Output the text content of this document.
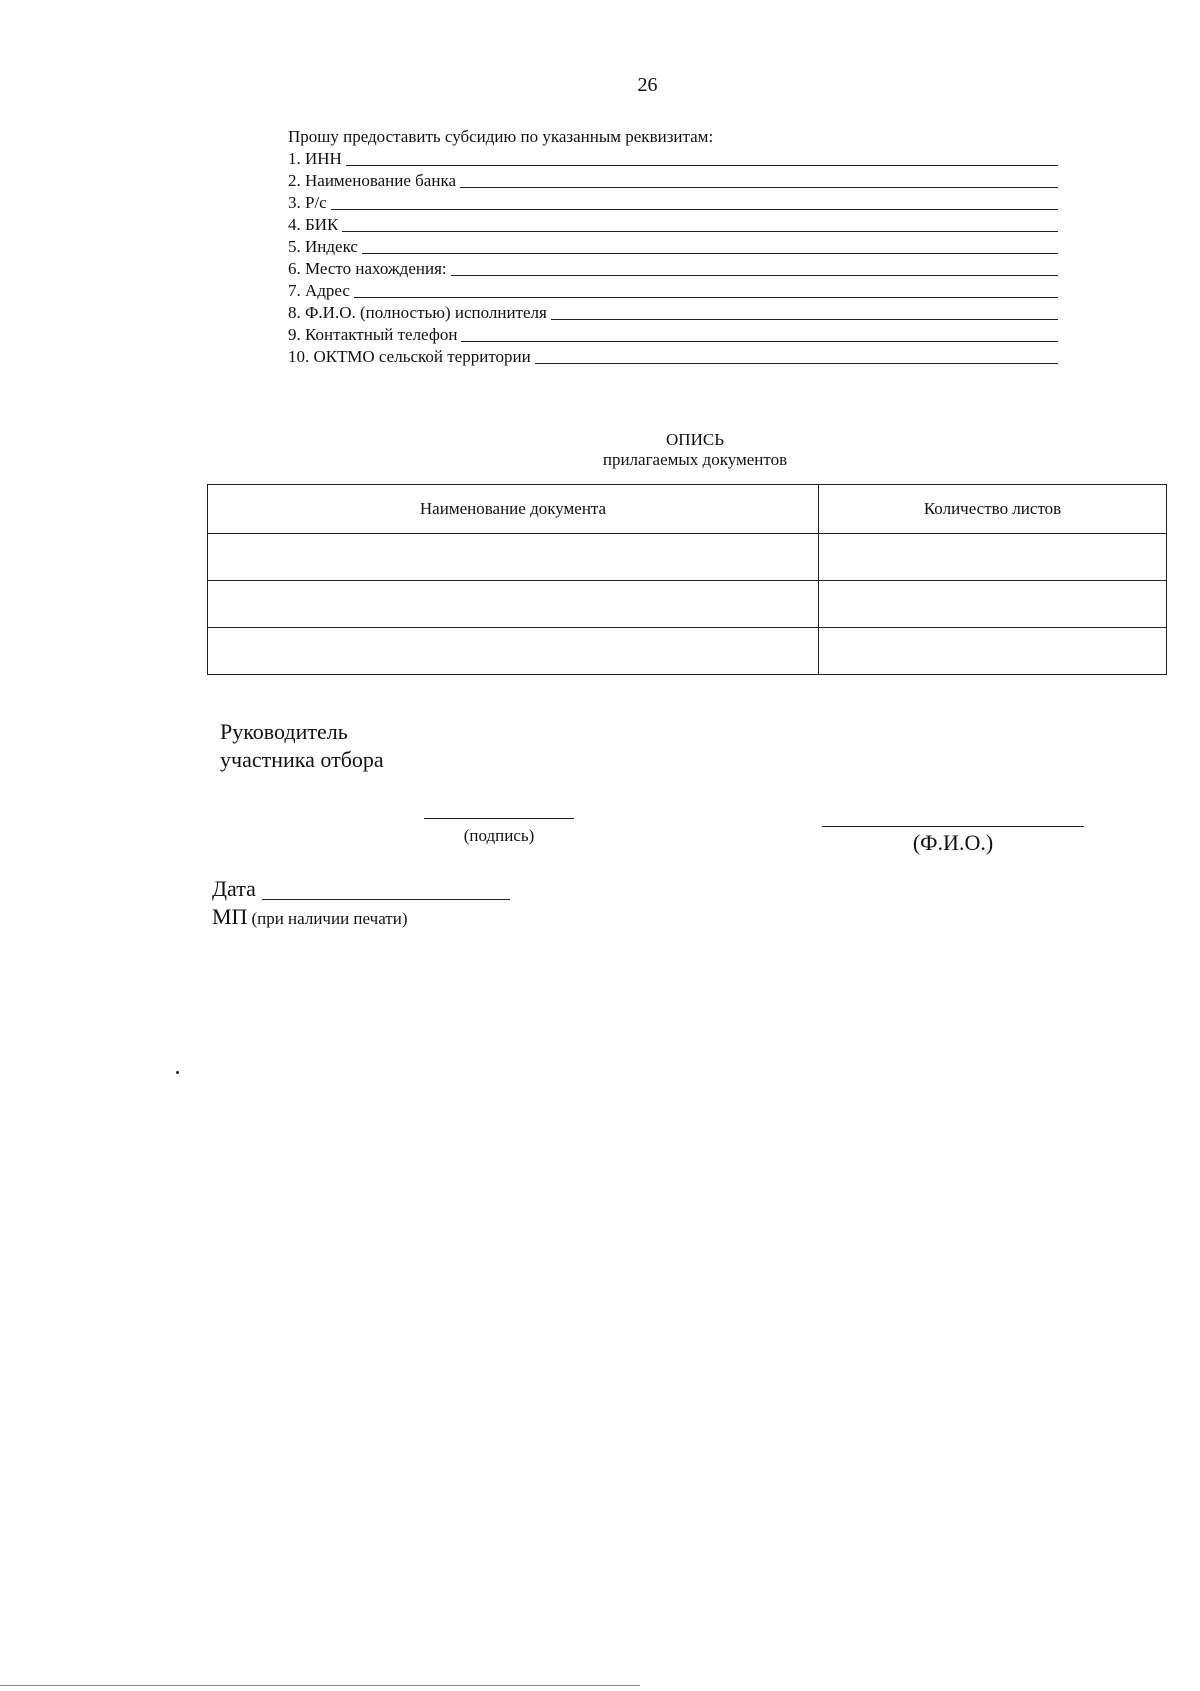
26
Прошу предоставить субсидию по указанным реквизитам:
1. ИНН
2. Наименование банка
3. Р/с
4. БИК
5. Индекс
6. Место нахождения:
7. Адрес
8. Ф.И.О. (полностью) исполнителя
9. Контактный телефон
10. ОКТМО сельской территории
ОПИСЬ
прилагаемых документов
Наименование документа	Количество листов

Руководитель
участника отбора
(подпись)	(Ф.И.О.)
Дата
МП (при наличии печати)
